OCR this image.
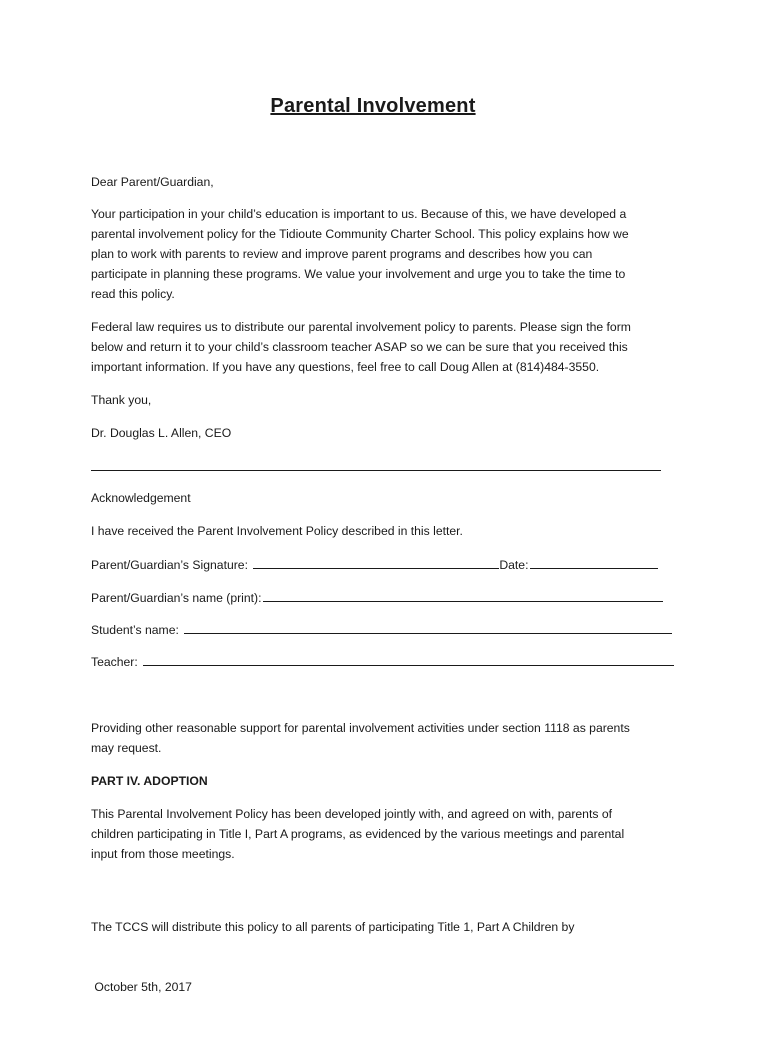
Parental Involvement
Dear Parent/Guardian,
Your participation in your child’s education is important to us. Because of this, we have developed a
parental involvement policy for the Tidioute Community Charter School. This policy explains how we
plan to work with parents to review and improve parent programs and describes how you can
participate in planning these programs. We value your involvement and urge you to take the time to
read this policy.
Federal law requires us to distribute our parental involvement policy to parents. Please sign the form
below and return it to your child’s classroom teacher ASAP so we can be sure that you received this
important information. If you have any questions, feel free to call Doug Allen at (814)484-3550.
Thank you,
Dr. Douglas L. Allen, CEO
Acknowledgement
I have received the Parent Involvement Policy described in this letter.
Parent/Guardian’s Signature:	Date:
Parent/Guardian’s name (print):
Student’s name:
Teacher:
Providing other reasonable support for parental involvement activities under section 1118 as parents
may request.
PART IV. ADOPTION
This Parental Involvement Policy has been developed jointly with, and agreed on with, parents of
children participating in Title I, Part A programs, as evidenced by the various meetings and parental
input from those meetings.

The TCCS will distribute this policy to all parents of participating Title 1, Part A Children by

October 5th, 2017
